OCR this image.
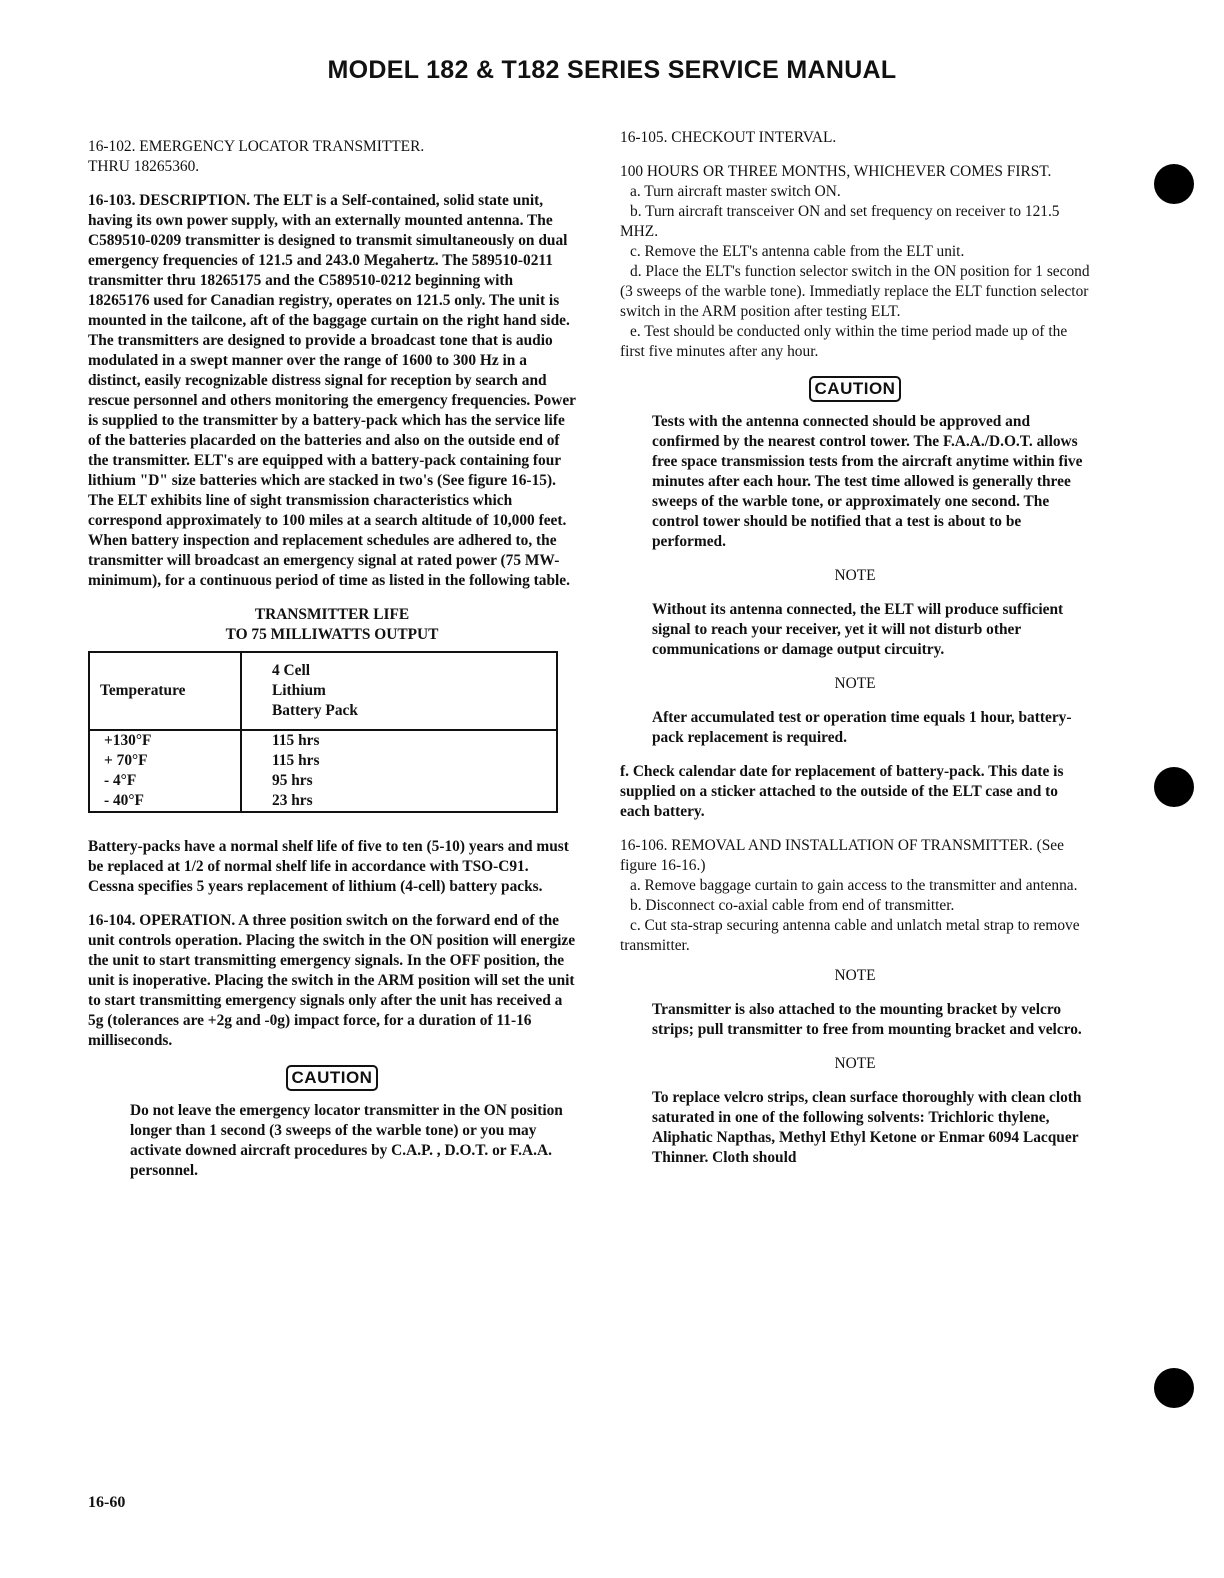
MODEL 182 & T182 SERIES SERVICE MANUAL

16-102. EMERGENCY LOCATOR TRANSMITTER.
THRU 18265360.

16-103. DESCRIPTION. The ELT is a Self-contained, solid state unit, having its own power supply, with an externally mounted antenna. The C589510-0209 transmitter is designed to transmit simultaneously on dual emergency frequencies of 121.5 and 243.0 Megahertz. The 589510-0211 transmitter thru 18265175 and the C589510-0212 beginning with 18265176 used for Canadian registry, operates on 121.5 only. The unit is mounted in the tailcone, aft of the baggage curtain on the right hand side. The transmitters are designed to provide a broadcast tone that is audio modulated in a swept manner over the range of 1600 to 300 Hz in a distinct, easily recognizable distress signal for reception by search and rescue personnel and others monitoring the emergency frequencies. Power is supplied to the transmitter by a battery-pack which has the service life of the batteries placarded on the batteries and also on the outside end of the transmitter. ELT's are equipped with a battery-pack containing four lithium "D" size batteries which are stacked in two's (See figure 16-15). The ELT exhibits line of sight transmission characteristics which correspond approximately to 100 miles at a search altitude of 10,000 feet. When battery inspection and replacement schedules are adhered to, the transmitter will broadcast an emergency signal at rated power (75 MW-minimum), for a continuous period of time as listed in the following table.

TRANSMITTER LIFE
TO 75 MILLIWATTS OUTPUT
Temperature	4 Cell
Lithium
Battery Pack
+130°F	115 hrs
+ 70°F	115 hrs
- 4°F	95 hrs
- 40°F	23 hrs

Battery-packs have a normal shelf life of five to ten (5-10) years and must be replaced at 1/2 of normal shelf life in accordance with TSO-C91. Cessna specifies 5 years replacement of lithium (4-cell) battery packs.

16-104. OPERATION. A three position switch on the forward end of the unit controls operation. Placing the switch in the ON position will energize the unit to start transmitting emergency signals. In the OFF position, the unit is inoperative. Placing the switch in the ARM position will set the unit to start transmitting emergency signals only after the unit has received a 5g (tolerances are +2g and -0g) impact force, for a duration of 11-16 milliseconds.

CAUTION
Do not leave the emergency locator transmitter in the ON position longer than 1 second (3 sweeps of the warble tone) or you may activate downed aircraft procedures by C.A.P. , D.O.T. or F.A.A. personnel.

16-105. CHECKOUT INTERVAL.

100 HOURS OR THREE MONTHS, WHICHEVER COMES FIRST.

a. Turn aircraft master switch ON.

b. Turn aircraft transceiver ON and set frequency on receiver to 121.5 MHZ.

c. Remove the ELT's antenna cable from the ELT unit.

d. Place the ELT's function selector switch in the ON position for 1 second (3 sweeps of the warble tone). Immediatly replace the ELT function selector switch in the ARM position after testing ELT.

e. Test should be conducted only within the time period made up of the first five minutes after any hour.

CAUTION
Tests with the antenna connected should be approved and confirmed by the nearest control tower. The F.A.A./D.O.T. allows free space transmission tests from the aircraft anytime within five minutes after each hour. The test time allowed is generally three sweeps of the warble tone, or approximately one second. The control tower should be notified that a test is about to be performed.
NOTE
Without its antenna connected, the ELT will produce sufficient signal to reach your receiver, yet it will not disturb other communications or damage output circuitry.
NOTE
After accumulated test or operation time equals 1 hour, battery-pack replacement is required.

f. Check calendar date for replacement of battery-pack. This date is supplied on a sticker attached to the outside of the ELT case and to each battery.

16-106. REMOVAL AND INSTALLATION OF TRANSMITTER. (See figure 16-16.)

a. Remove baggage curtain to gain access to the transmitter and antenna.

b. Disconnect co-axial cable from end of transmitter.

c. Cut sta-strap securing antenna cable and unlatch metal strap to remove transmitter.

NOTE
Transmitter is also attached to the mounting bracket by velcro strips; pull transmitter to free from mounting bracket and velcro.
NOTE
To replace velcro strips, clean surface thoroughly with clean cloth saturated in one of the following solvents: Trichloric thylene, Aliphatic Napthas, Methyl Ethyl Ketone or Enmar 6094 Lacquer Thinner. Cloth should
16-60
